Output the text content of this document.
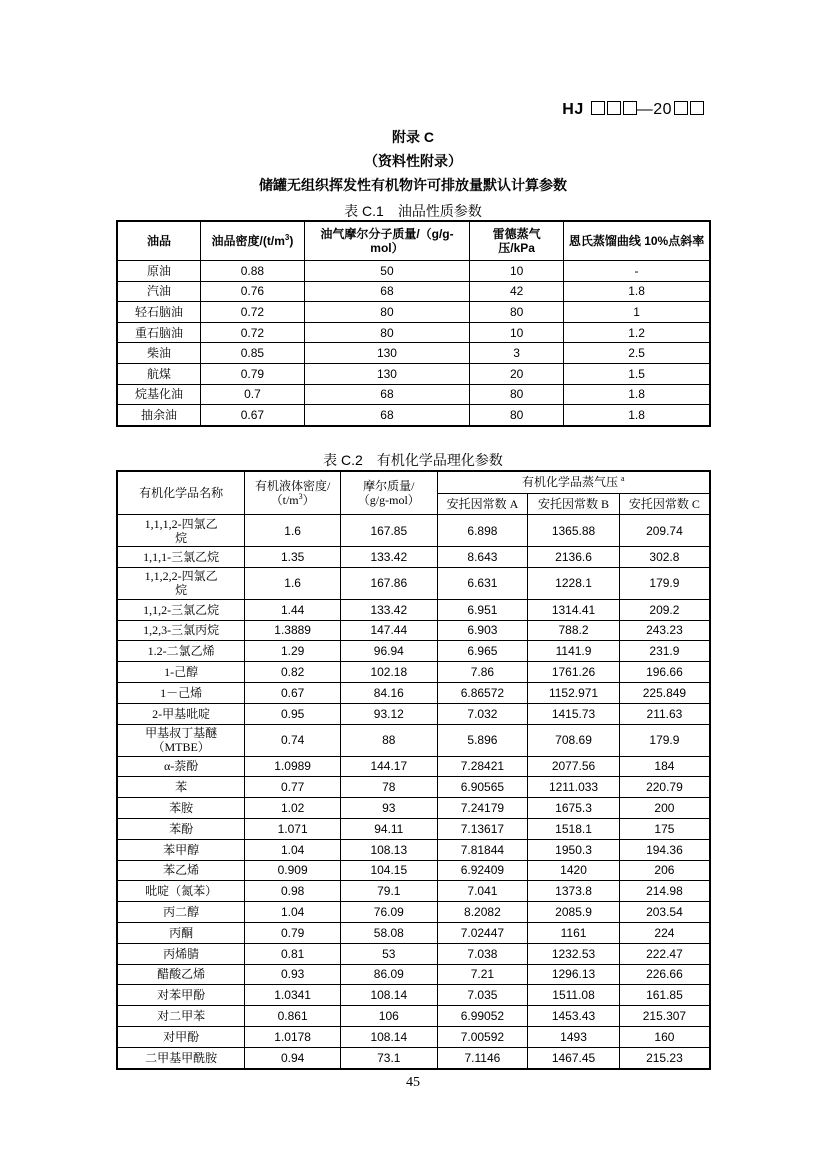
HJ	—20
附录 C
（资料性附录）
储罐无组织挥发性有机物许可排放量默认计算参数
表 C.1　油品性质参数
油品	油品密度$/(t/m^3)$	油气摩尔分子质量/（g/g-mol）	雷德蒸气压/kPa	恩氏蒸馏曲线 10%点斜率
原油	0.88	50	10	-
汽油	0.76	68	42	1.8
轻石脑油	0.72	80	80	1
重石脑油	0.72	80	10	1.2
柴油	0.85	130	3	2.5
航煤	0.79	130	20	1.5
烷基化油	0.7	68	80	1.8
抽余油	0.67	68	80	1.8
表 C.2　有机化学品理化参数
有机化学品名称	有机液体密度$/(t/m^3)$	摩尔质量/（g/g-mol）	有机化学品蒸气压 $^a$
			安托因常数 A	安托因常数 B	安托因常数 C
1,1,1,2-四氯乙烷	1.6	167.85	6.898	1365.88	209.74
1,1,1-三氯乙烷	1.35	133.42	8.643	2136.6	302.8
1,1,2,2-四氯乙烷	1.6	167.86	6.631	1228.1	179.9
1,1,2-三氯乙烷	1.44	133.42	6.951	1314.41	209.2
1,2,3-三氯丙烷	1.3889	147.44	6.903	788.2	243.23
1.2-二氯乙烯	1.29	96.94	6.965	1141.9	231.9
1-己醇	0.82	102.18	7.86	1761.26	196.66
1－己烯	0.67	84.16	6.86572	1152.971	225.849
2-甲基吡啶	0.95	93.12	7.032	1415.73	211.63
甲基叔丁基醚（MTBE）	0.74	88	5.896	708.69	179.9
α-萘酚	1.0989	144.17	7.28421	2077.56	184
苯	0.77	78	6.90565	1211.033	220.79
苯胺	1.02	93	7.24179	1675.3	200
苯酚	1.071	94.11	7.13617	1518.1	175
苯甲醇	1.04	108.13	7.81844	1950.3	194.36
苯乙烯	0.909	104.15	6.92409	1420	206
吡啶（氮苯）	0.98	79.1	7.041	1373.8	214.98
丙二醇	1.04	76.09	8.2082	2085.9	203.54
丙酮	0.79	58.08	7.02447	1161	224
丙烯腈	0.81	53	7.038	1232.53	222.47
醋酸乙烯	0.93	86.09	7.21	1296.13	226.66
对苯甲酚	1.0341	108.14	7.035	1511.08	161.85
对二甲苯	0.861	106	6.99052	1453.43	215.307
对甲酚	1.0178	108.14	7.00592	1493	160
二甲基甲酰胺	0.94	73.1	7.1146	1467.45	215.23
45
